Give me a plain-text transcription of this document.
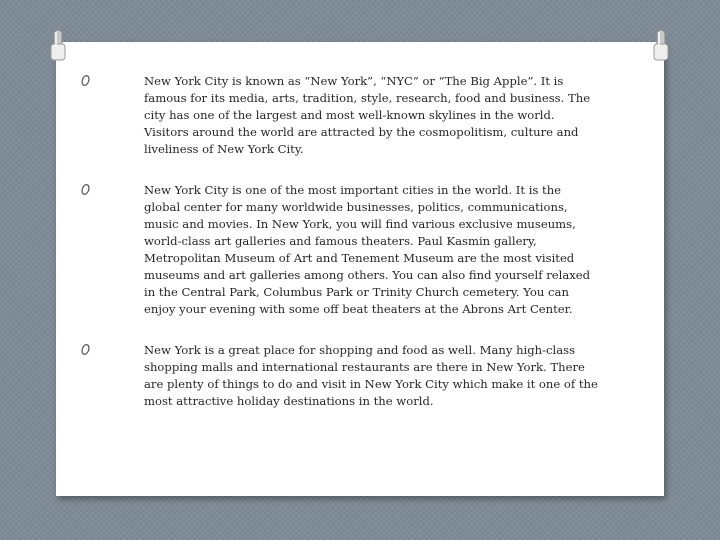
New York City is known as “New York”, “NYC” or “The Big Apple”. It is famous for its media, arts, tradition, style, research, food and business. The city has one of the largest and most well-known skylines in the world. Visitors around the world are attracted by the cosmopolitism, culture and liveliness of New York City.

New York City is one of the most important cities in the world. It is the global center for many worldwide businesses, politics, communications, music and movies. In New York, you will find various exclusive museums, world-class art galleries and famous theaters. Paul Kasmin gallery, Metropolitan Museum of Art and Tenement Museum are the most visited museums and art galleries among others. You can also find yourself relaxed in the Central Park, Columbus Park or Trinity Church cemetery. You can enjoy your evening with some off beat theaters at the Abrons Art Center.

New York is a great place for shopping and food as well. Many high-class shopping malls and international restaurants are there in New York. There are plenty of things to do and visit in New York City which make it one of the most attractive holiday destinations in the world.
